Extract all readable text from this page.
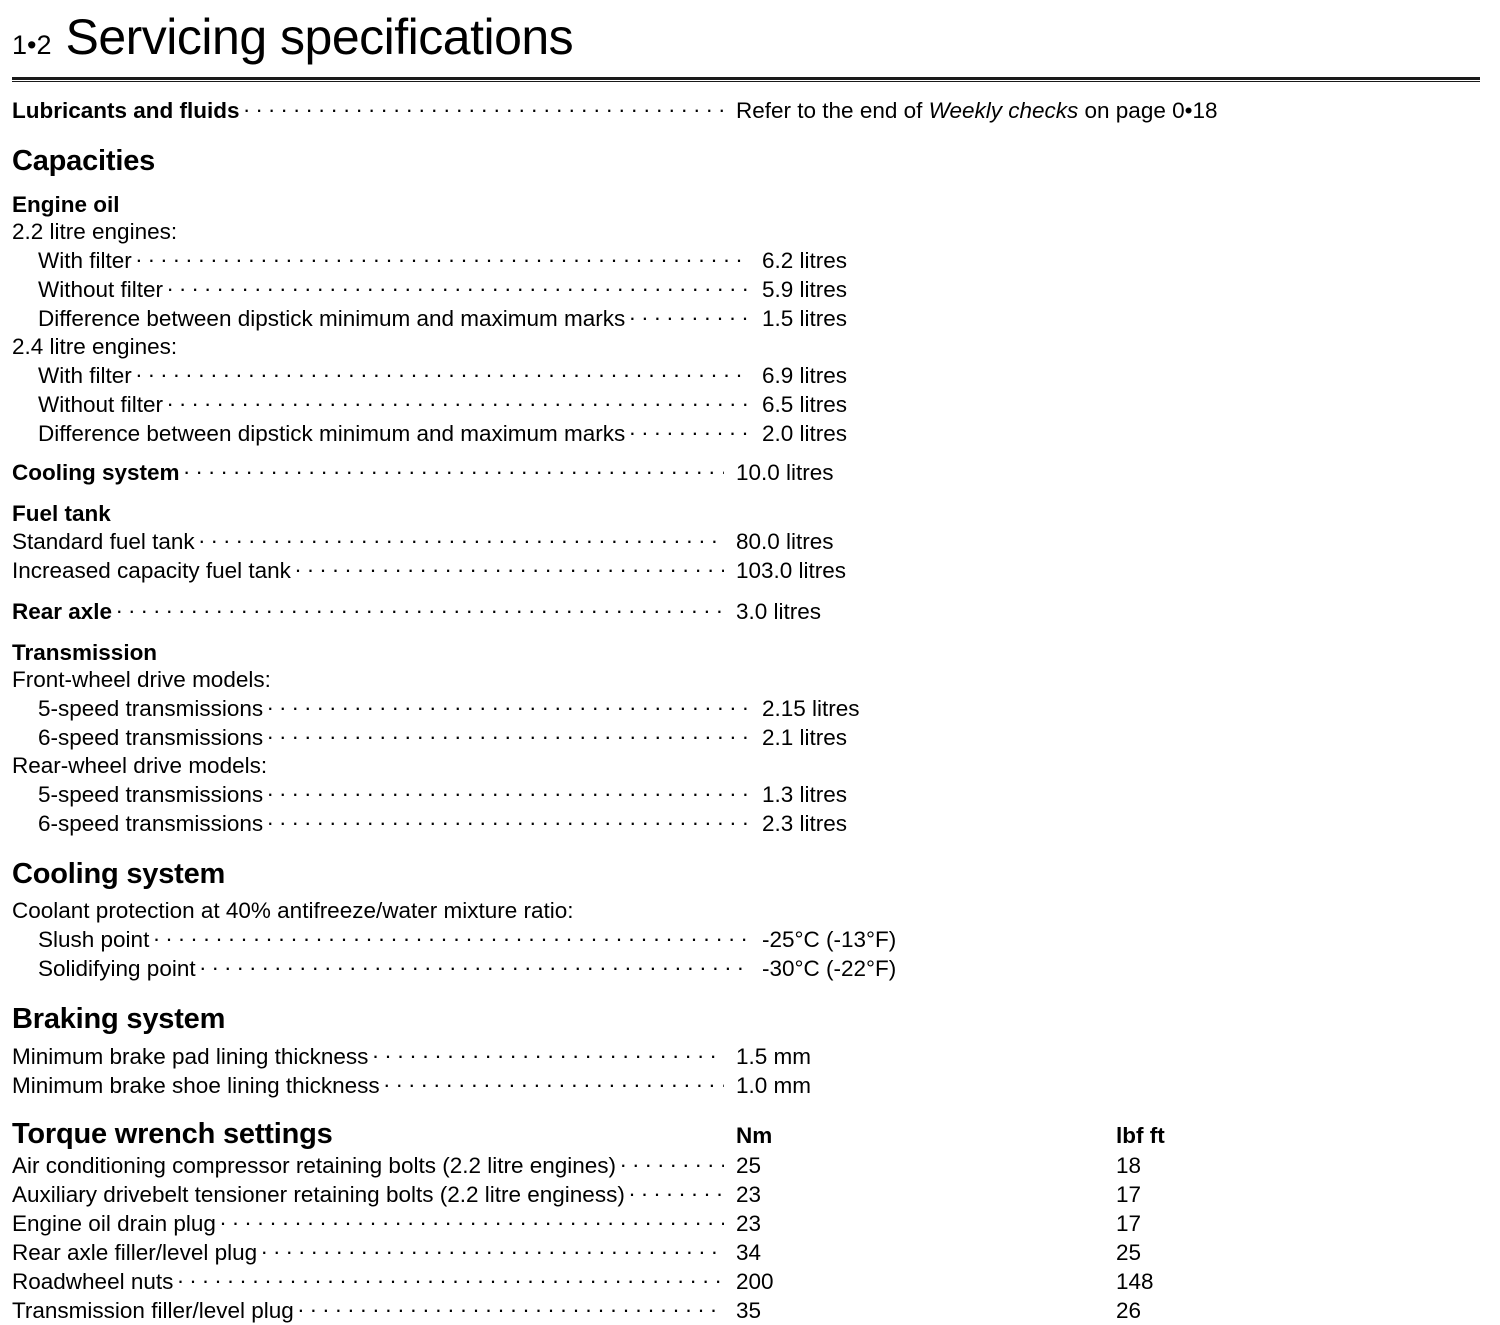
1•2 Servicing specifications
Lubricants and fluids . . .	Refer to the end of Weekly checks on page 0•18
Capacities
Engine oil
2.2 litre engines:
With filter . . .	6.2 litres
Without filter . . .	5.9 litres
Difference between dipstick minimum and maximum marks . . .	1.5 litres
2.4 litre engines:
With filter . . .	6.9 litres
Without filter . . .	6.5 litres
Difference between dipstick minimum and maximum marks . . .	2.0 litres
Cooling system . . .	10.0 litres
Fuel tank
Standard fuel tank . . .	80.0 litres
Increased capacity fuel tank . . .	103.0 litres
Rear axle . . .	3.0 litres
Transmission
Front-wheel drive models:
5-speed transmissions . . .	2.15 litres
6-speed transmissions . . .	2.1 litres
Rear-wheel drive models:
5-speed transmissions . . .	1.3 litres
6-speed transmissions . . .	2.3 litres
Cooling system
Coolant protection at 40% antifreeze/water mixture ratio:
Slush point . . .	-25°C (-13°F)
Solidifying point . . .	-30°C (-22°F)
Braking system
Minimum brake pad lining thickness . . .	1.5 mm
Minimum brake shoe lining thickness . . .	1.0 mm
Torque wrench settings	Nm	lbf ft
Air conditioning compressor retaining bolts (2.2 litre engines) . . .	25	18
Auxiliary drivebelt tensioner retaining bolts (2.2 litre enginess) . . .	23	17
Engine oil drain plug . . .	23	17
Rear axle filler/level plug . . .	34	25
Roadwheel nuts . . .	200	148
Transmission filler/level plug . . .	35	26
